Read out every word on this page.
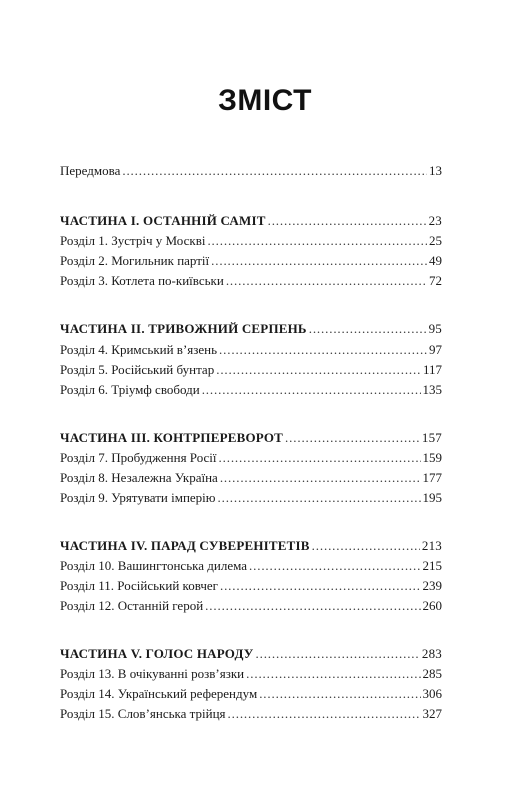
ЗМІСТ
Передмова . . .	13
ЧАСТИНА I. ОСТАННІЙ САМІТ . . .	23
Розділ 1. Зустріч у Москві . . .	25
Розділ 2. Могильник партії . . .	49
Розділ 3. Котлета по-київськи . . .	72
ЧАСТИНА II. ТРИВОЖНИЙ СЕРПЕНЬ . . .	95
Розділ 4. Кримський в’язень . . .	97
Розділ 5. Російський бунтар . . .	117
Розділ 6. Тріумф свободи . . .	135
ЧАСТИНА III. КОНТРПЕРЕВОРОТ . . .	157
Розділ 7. Пробудження Росії . . .	159
Розділ 8. Незалежна Україна . . .	177
Розділ 9. Урятувати імперію . . .	195
ЧАСТИНА IV. ПАРАД СУВЕРЕНІТЕТІВ . . .	213
Розділ 10. Вашингтонська дилема . . .	215
Розділ 11. Російський ковчег . . .	239
Розділ 12. Останній герой . . .	260
ЧАСТИНА V. ГОЛОС НАРОДУ . . .	283
Розділ 13. В очікуванні розв’язки . . .	285
Розділ 14. Український референдум . . .	306
Розділ 15. Слов’янська трійця . . .	327
